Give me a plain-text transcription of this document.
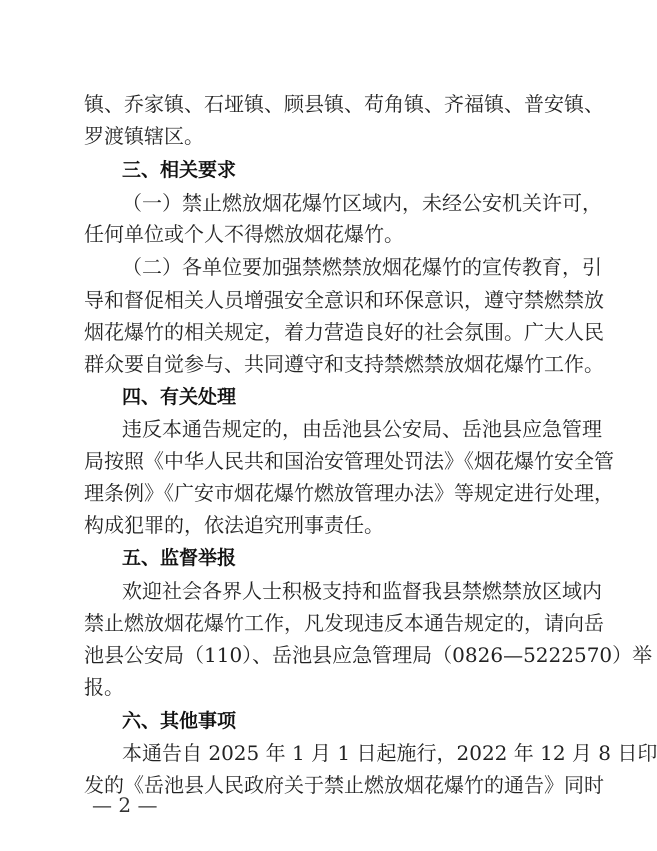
镇、乔家镇、石垭镇、顾县镇、苟角镇、齐福镇、普安镇、
罗渡镇辖区。
三、相关要求
（一）禁止燃放烟花爆竹区域内，未经公安机关许可，
任何单位或个人不得燃放烟花爆竹。
（二）各单位要加强禁燃禁放烟花爆竹的宣传教育，引
导和督促相关人员增强安全意识和环保意识，遵守禁燃禁放
烟花爆竹的相关规定，着力营造良好的社会氛围。广大人民
群众要自觉参与、共同遵守和支持禁燃禁放烟花爆竹工作。
四、有关处理
违反本通告规定的，由岳池县公安局、岳池县应急管理
局按照《中华人民共和国治安管理处罚法》《烟花爆竹安全管
理条例》《广安市烟花爆竹燃放管理办法》等规定进行处理，
构成犯罪的，依法追究刑事责任。
五、监督举报
欢迎社会各界人士积极支持和监督我县禁燃禁放区域内
禁止燃放烟花爆竹工作，凡发现违反本通告规定的，请向岳
池县公安局（110）、岳池县应急管理局（0826—5222570）举
报。
六、其他事项
本通告自 2025 年 1 月 1 日起施行，2022 年 12 月 8 日印
发的《岳池县人民政府关于禁止燃放烟花爆竹的通告》同时
— 2 —
